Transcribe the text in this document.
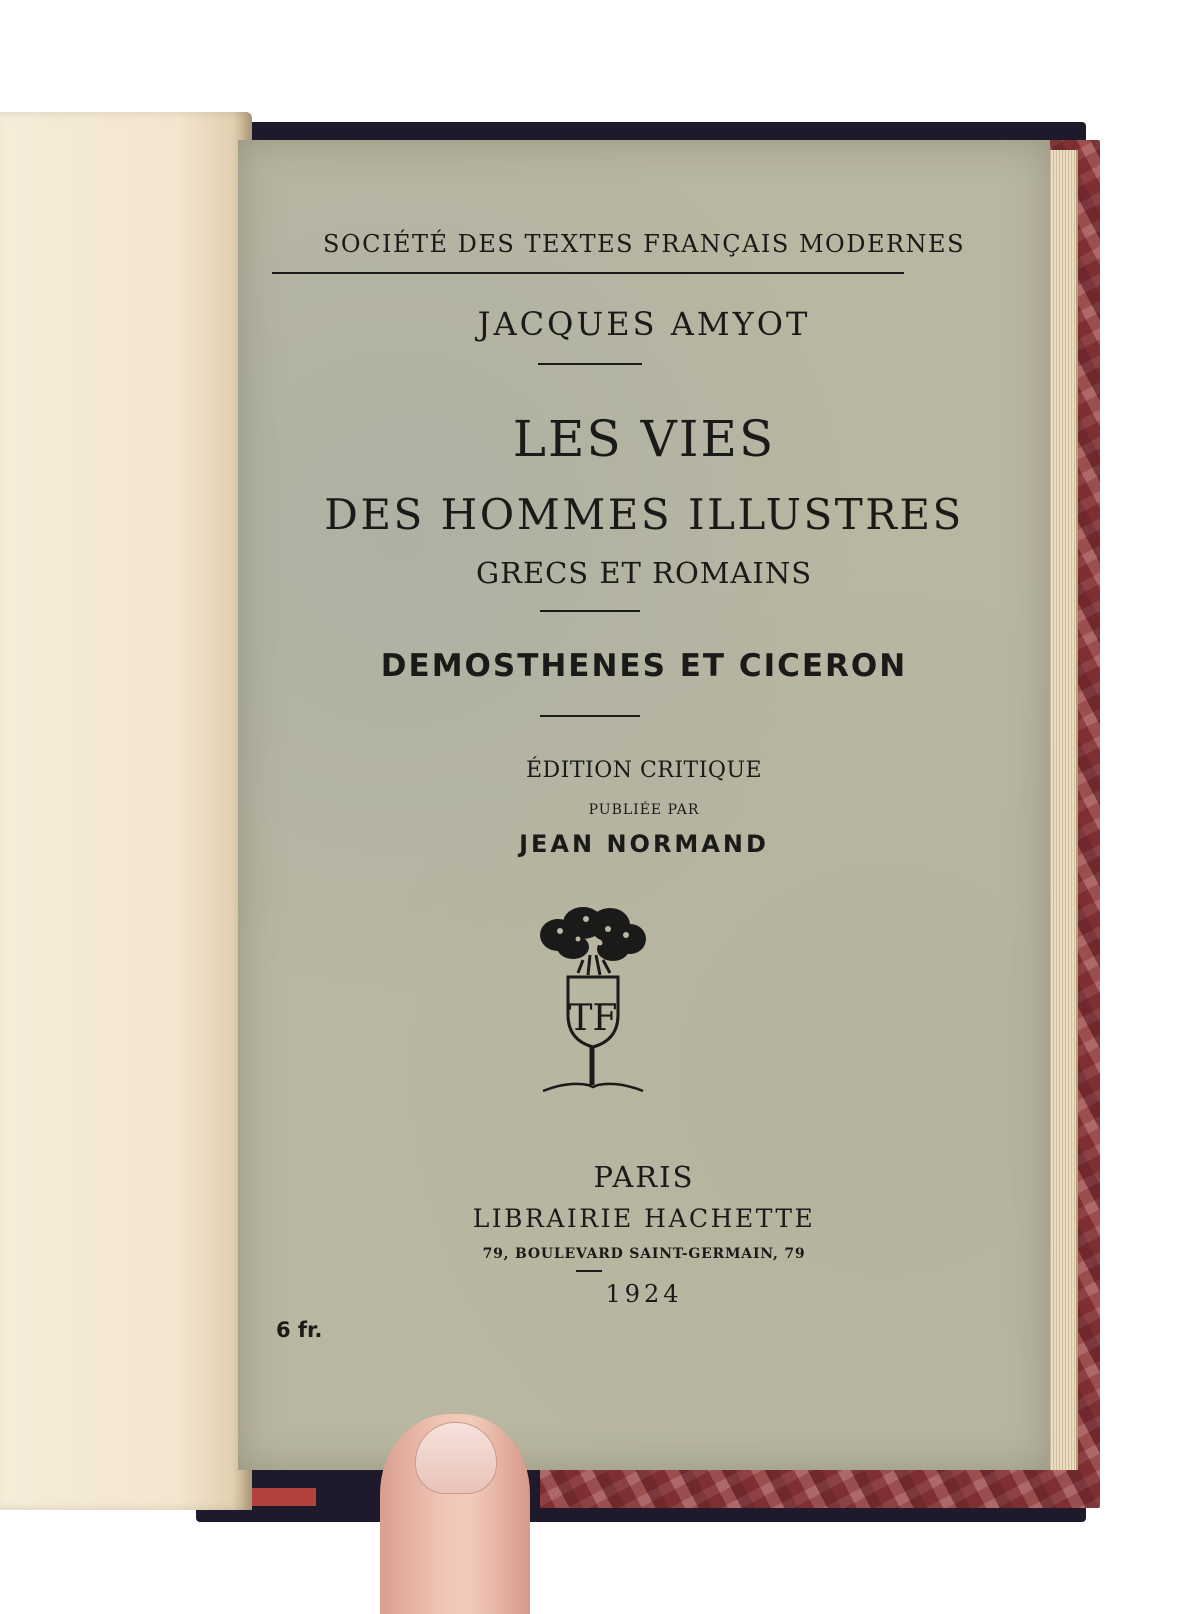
SOCIÉTÉ DES TEXTES FRANÇAIS MODERNES
JACQUES AMYOT
LES VIES
DES HOMMES ILLUSTRES
GRECS ET ROMAINS
DEMOSTHENES ET CICERON
ÉDITION CRITIQUE
PUBLIÉE PAR
JEAN NORMAND
TF
PARIS
LIBRAIRIE HACHETTE
79, BOULEVARD SAINT-GERMAIN, 79
1924
6 fr.
